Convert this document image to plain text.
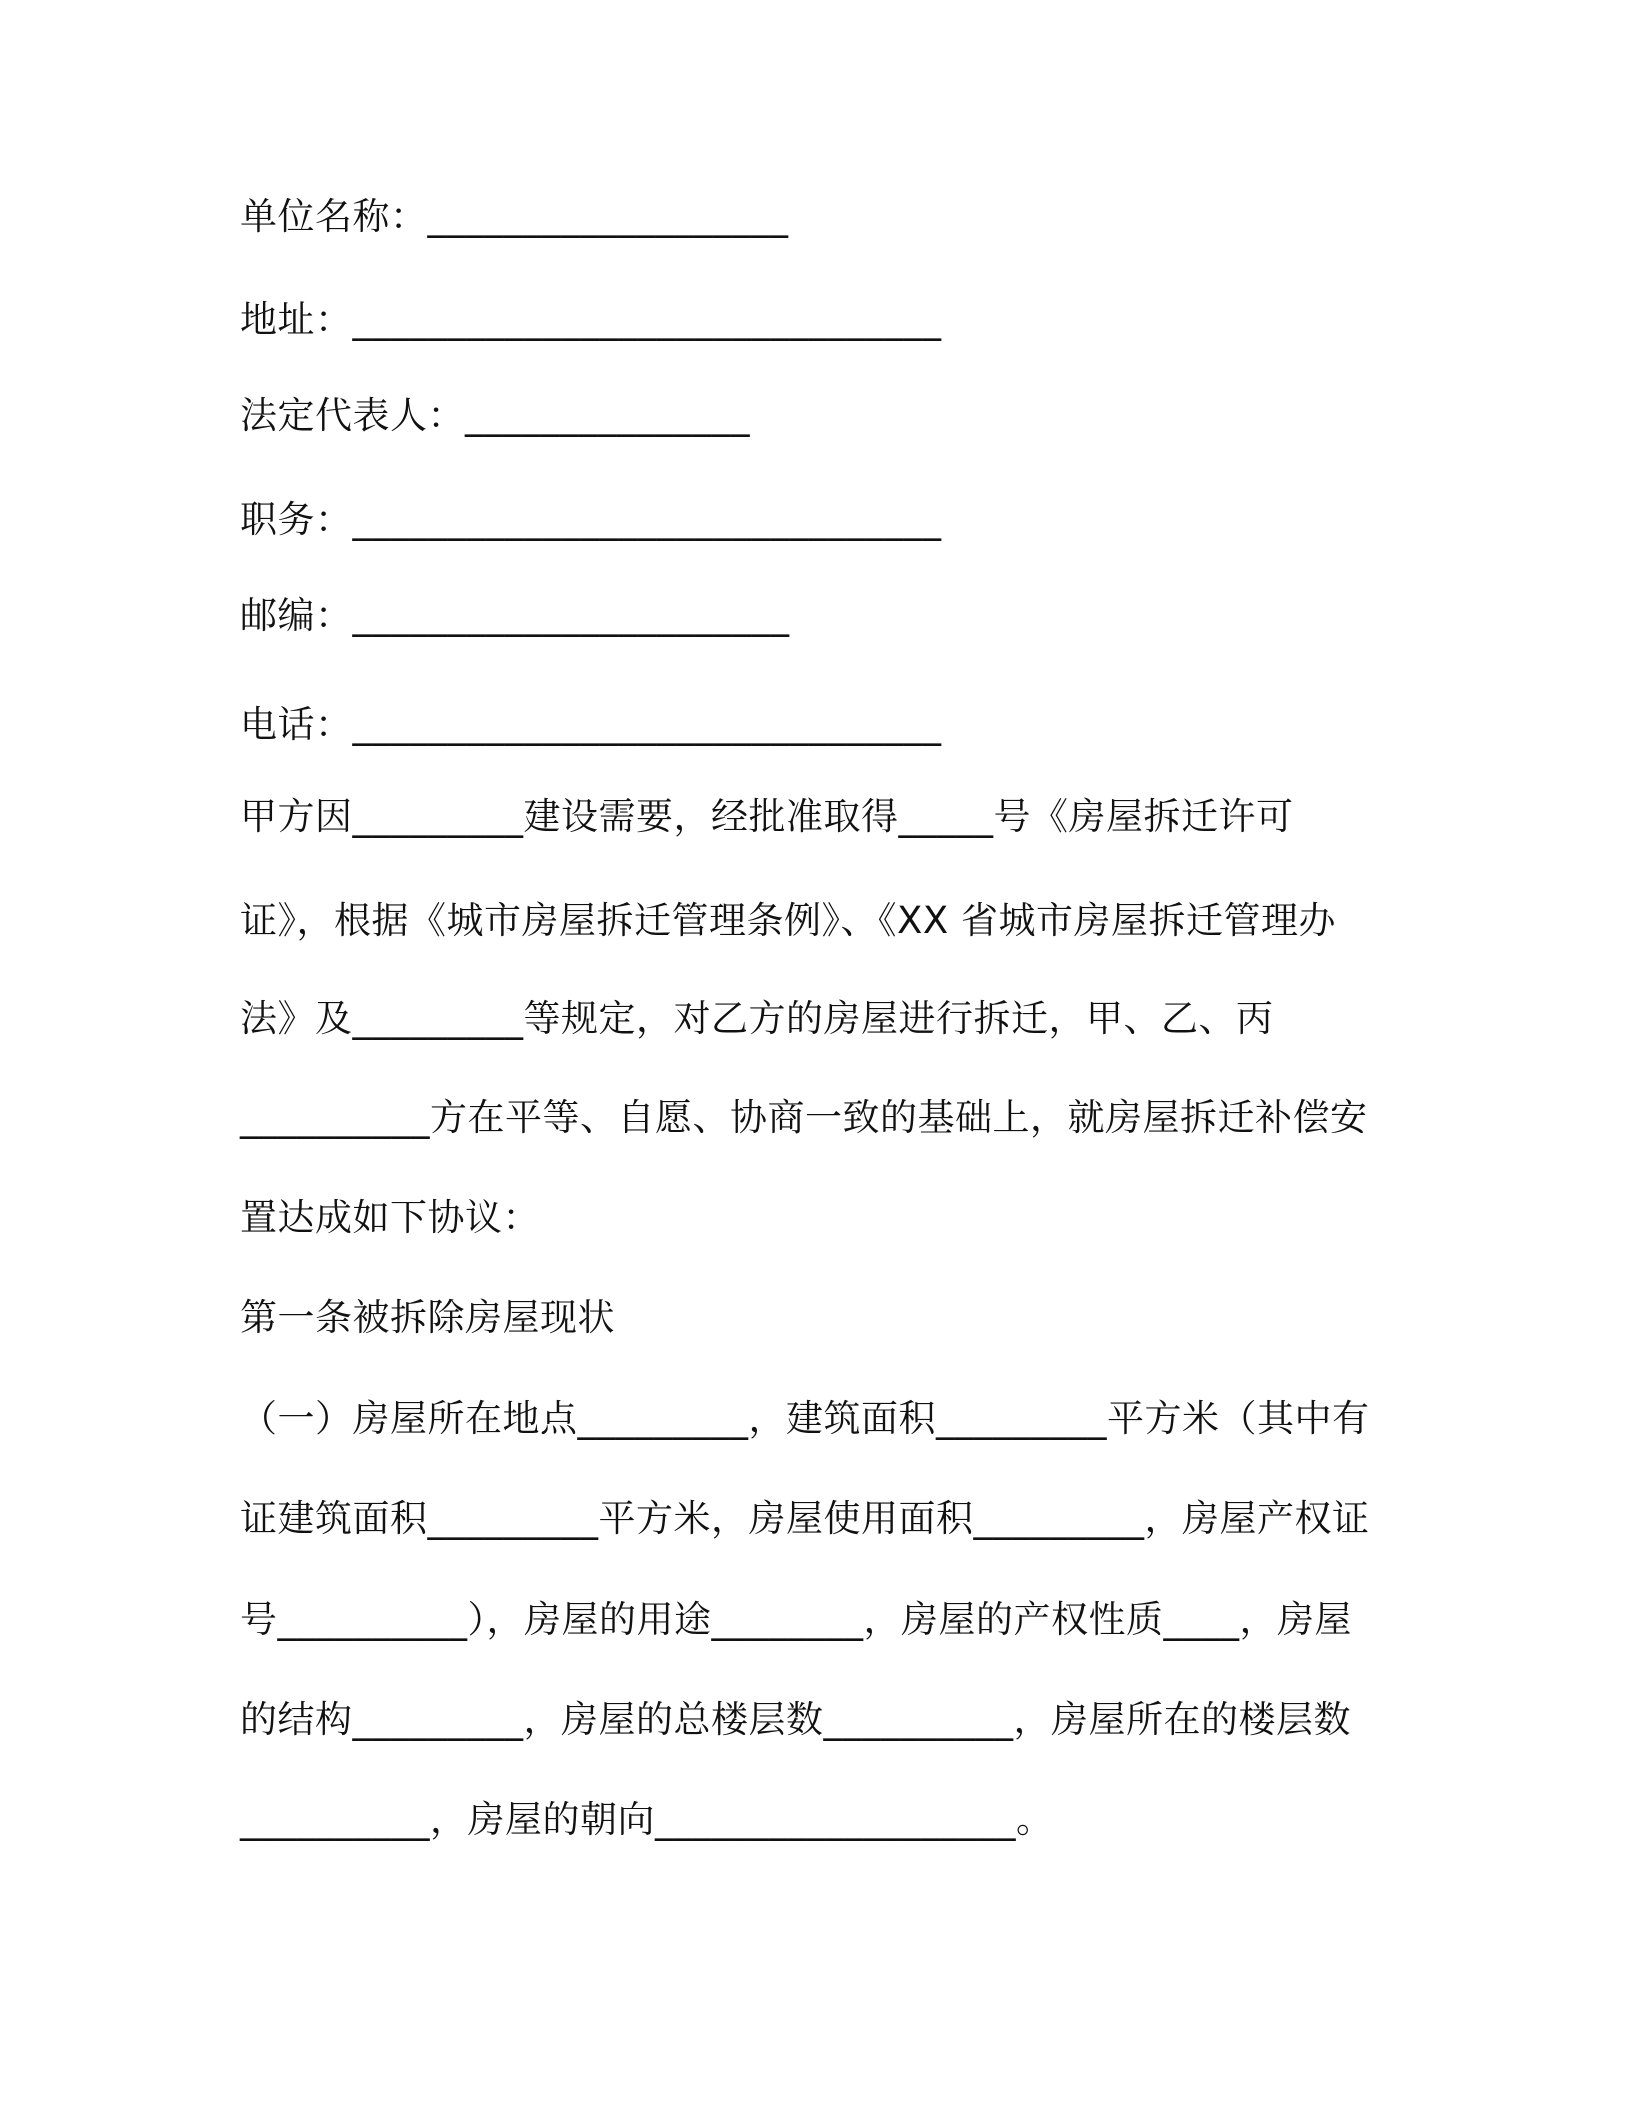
单位名称：___________________
地址：_______________________________
法定代表人：_______________
职务：_______________________________
邮编：_______________________
电话：_______________________________
甲方因_________建设需要，经批准取得_____号《房屋拆迁许可
证》，根据《城市房屋拆迁管理条例》、《XX 省城市房屋拆迁管理办
法》及_________等规定，对乙方的房屋进行拆迁，甲、乙、丙
__________方在平等、自愿、协商一致的基础上，就房屋拆迁补偿安
置达成如下协议：
第一条被拆除房屋现状
（一）房屋所在地点_________，建筑面积_________平方米（其中有
证建筑面积_________平方米，房屋使用面积_________，房屋产权证
号__________），房屋的用途________，房屋的产权性质____，房屋
的结构_________，房屋的总楼层数__________，房屋所在的楼层数
__________，房屋的朝向___________________。
